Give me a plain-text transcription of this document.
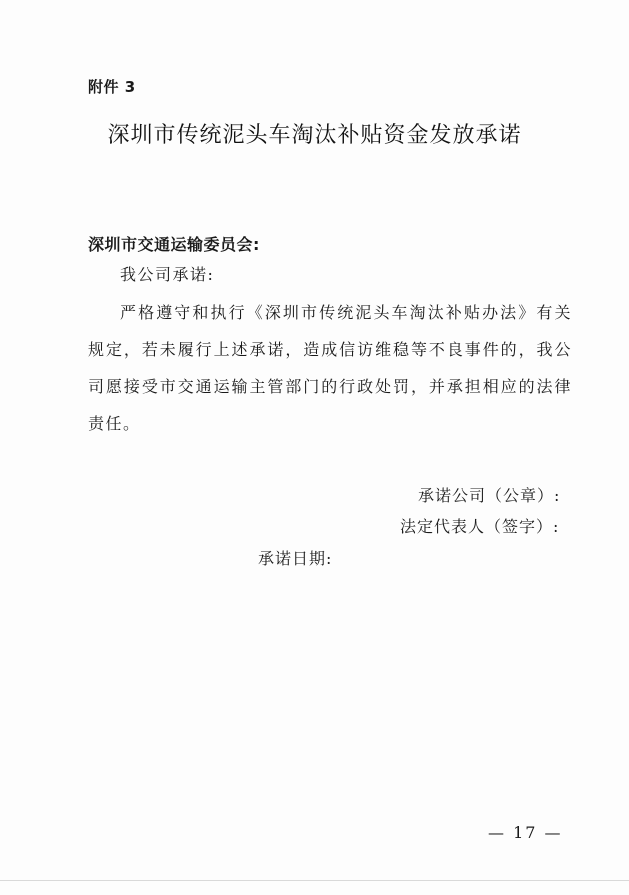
附件 3
深圳市传统泥头车淘汰补贴资金发放承诺
深圳市交通运输委员会:
我公司承诺:
严格遵守和执行《深圳市传统泥头车淘汰补贴办法》有关规定，若未履行上述承诺，造成信访维稳等不良事件的，我公司愿接受市交通运输主管部门的行政处罚，并承担相应的法律责任。
承诺公司（公章）:
法定代表人（签字）:
承诺日期:
— 17 —
